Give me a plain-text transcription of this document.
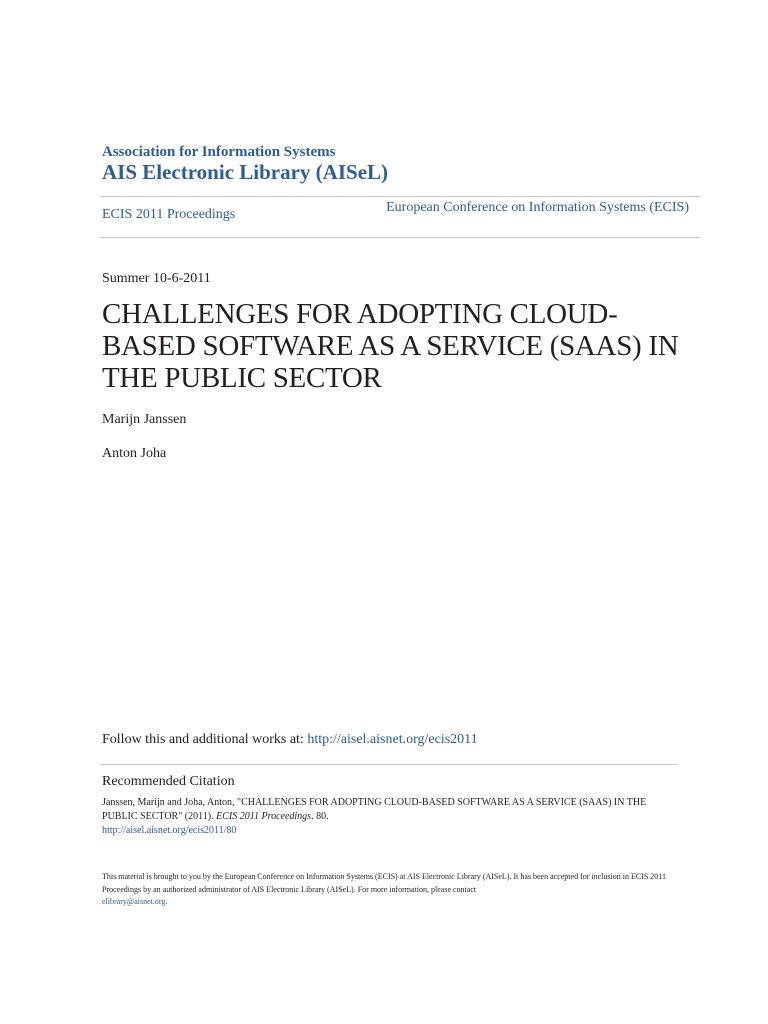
Association for Information Systems
AIS Electronic Library (AISeL)
ECIS 2011 Proceedings	European Conference on Information Systems (ECIS)
Summer 10-6-2011
CHALLENGES FOR ADOPTING CLOUD-BASED SOFTWARE AS A SERVICE (SAAS) IN THE PUBLIC SECTOR
Marijn Janssen
Anton Joha
Follow this and additional works at: http://aisel.aisnet.org/ecis2011
Recommended Citation
Janssen, Marijn and Joha, Anton, "CHALLENGES FOR ADOPTING CLOUD-BASED SOFTWARE AS A SERVICE (SAAS) IN THE PUBLIC SECTOR" (2011). ECIS 2011 Proceedings. 80.
http://aisel.aisnet.org/ecis2011/80
This material is brought to you by the European Conference on Information Systems (ECIS) at AIS Electronic Library (AISeL). It has been accepted for inclusion in ECIS 2011 Proceedings by an authorized administrator of AIS Electronic Library (AISeL). For more information, please contact
elibrary@aisnet.org.
